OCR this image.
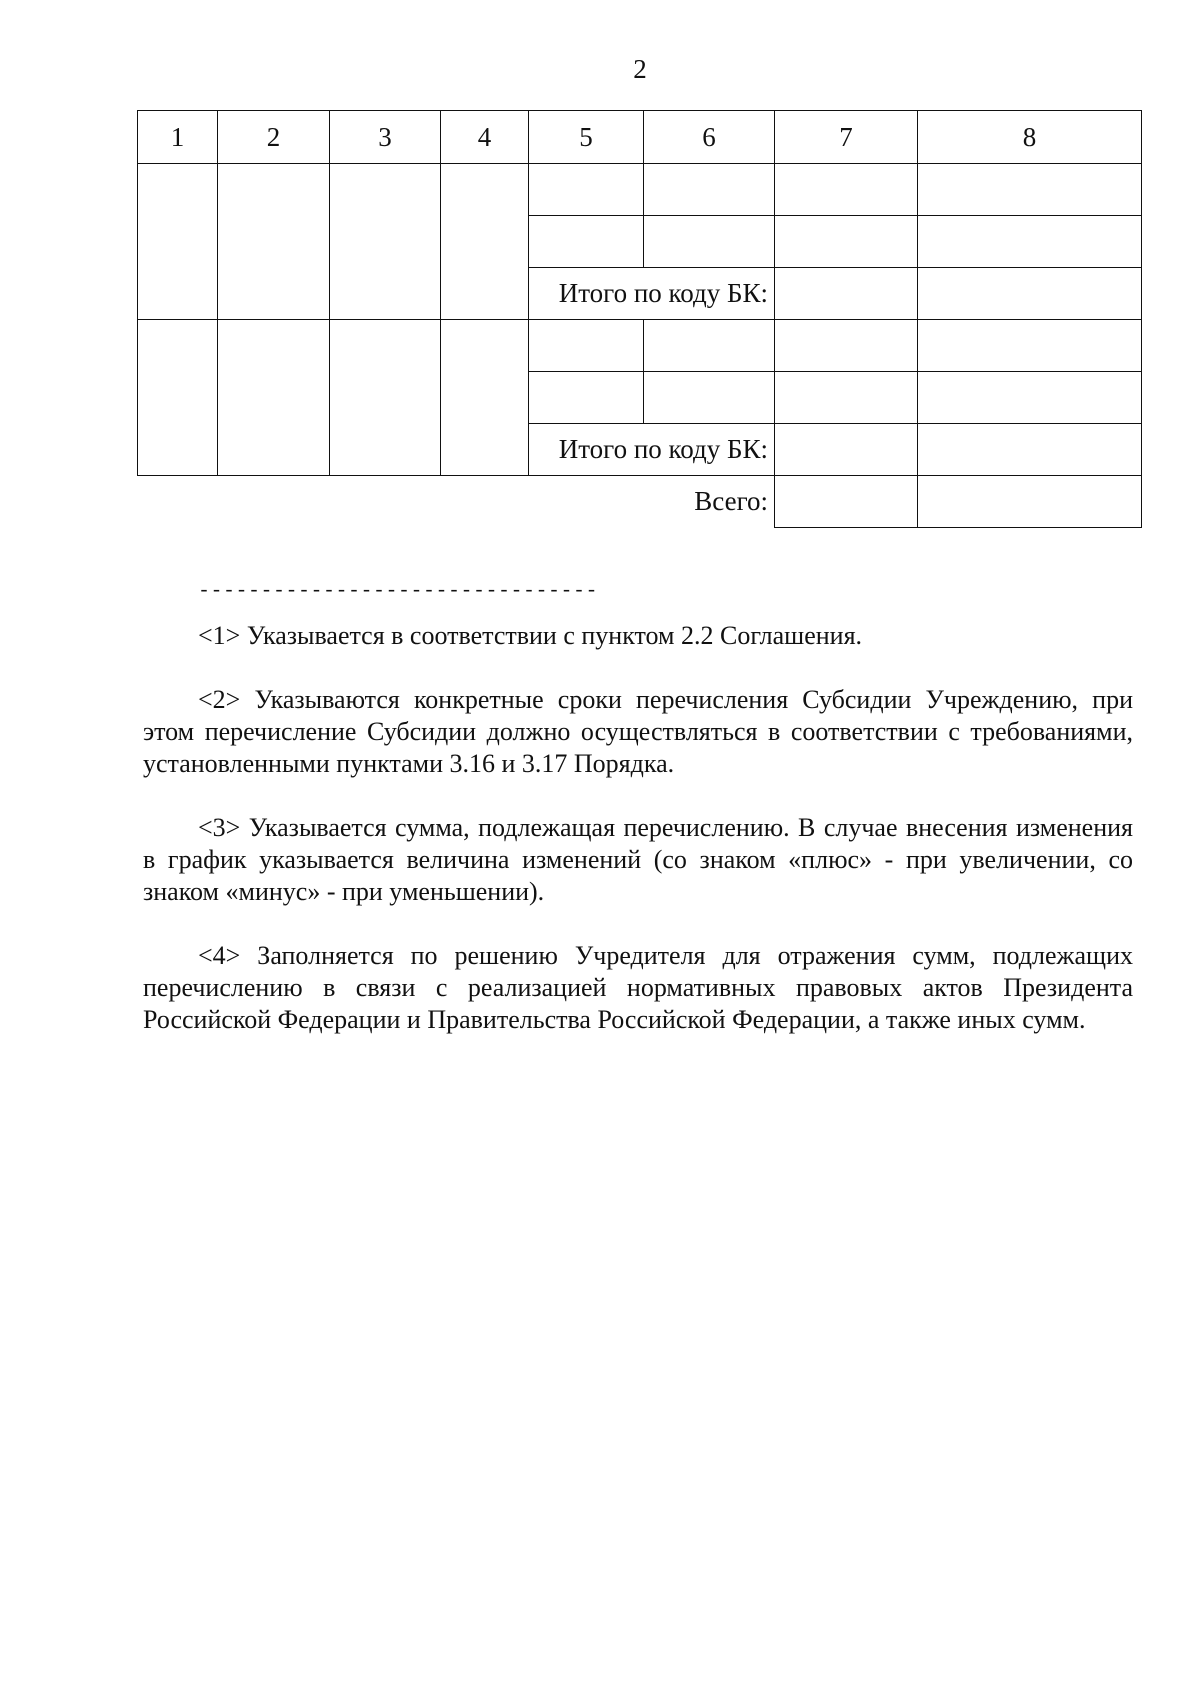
2
1	2	3	4	5	6	7	8

				Итого по коду БК:			

				Итого по коду БК:			
Всего:							
--------------------------------

<1> Указывается в соответствии с пунктом 2.2 Соглашения.

<2> Указываются конкретные сроки перечисления Субсидии Учреждению, при этом перечисление Субсидии должно осуществляться в соответствии с требованиями, установленными пунктами 3.16 и 3.17 Порядка.

<3> Указывается сумма, подлежащая перечислению. В случае внесения изменения в график указывается величина изменений (со знаком «плюс» - при увеличении, со знаком «минус» - при уменьшении).

<4> Заполняется по решению Учредителя для отражения сумм, подлежащих перечислению в связи с реализацией нормативных правовых актов Президента Российской Федерации и Правительства Российской Федерации, а также иных сумм.
